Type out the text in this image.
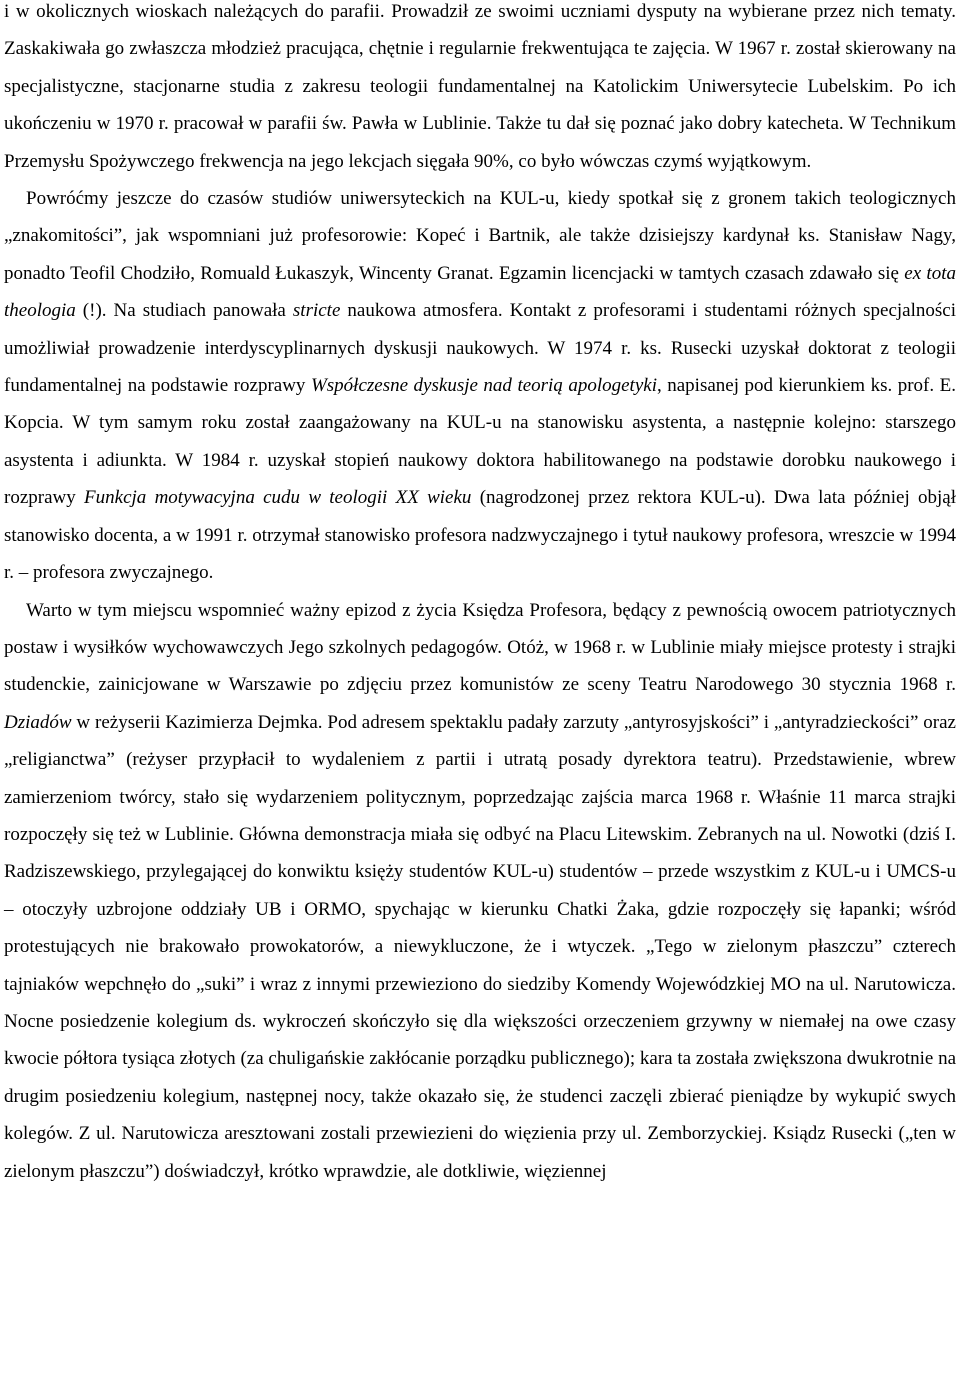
i w okolicznych wioskach należących do parafii. Prowadził ze swoimi uczniami dysputy na wybierane przez nich tematy. Zaskakiwała go zwłaszcza młodzież pracująca, chętnie i regularnie frekwentująca te zajęcia. W 1967 r. został skierowany na specjalistyczne, stacjonarne studia z zakresu teologii fundamentalnej na Katolickim Uniwersytecie Lubelskim. Po ich ukończeniu w 1970 r. pracował w parafii św. Pawła w Lublinie. Także tu dał się poznać jako dobry katecheta. W Technikum Przemysłu Spożywczego frekwencja na jego lekcjach sięgała 90%, co było wówczas czymś wyjątkowym.

Powróćmy jeszcze do czasów studiów uniwersyteckich na KUL-u, kiedy spotkał się z gronem takich teologicznych „znakomitości”, jak wspomniani już profesorowie: Kopeć i Bartnik, ale także dzisiejszy kardynał ks. Stanisław Nagy, ponadto Teofil Chodziło, Romuald Łukaszyk, Wincenty Granat. Egzamin licencjacki w tamtych czasach zdawało się ex tota theologia (!). Na studiach panowała stricte naukowa atmosfera. Kontakt z profesorami i studentami różnych specjalności umożliwiał prowadzenie interdyscyplinarnych dyskusji naukowych. W 1974 r. ks. Rusecki uzyskał doktorat z teologii fundamentalnej na podstawie rozprawy Współczesne dyskusje nad teorią apologetyki, napisanej pod kierunkiem ks. prof. E. Kopcia. W tym samym roku został zaangażowany na KUL-u na stanowisku asystenta, a następnie kolejno: starszego asystenta i adiunkta. W 1984 r. uzyskał stopień naukowy doktora habilitowanego na podstawie dorobku naukowego i rozprawy Funkcja motywacyjna cudu w teologii XX wieku (nagrodzonej przez rektora KUL-u). Dwa lata później objął stanowisko docenta, a w 1991 r. otrzymał stanowisko profesora nadzwyczajnego i tytuł naukowy profesora, wreszcie w 1994 r. – profesora zwyczajnego.

Warto w tym miejscu wspomnieć ważny epizod z życia Księdza Profesora, będący z pewnością owocem patriotycznych postaw i wysiłków wychowawczych Jego szkolnych pedagogów. Otóż, w 1968 r. w Lublinie miały miejsce protesty i strajki studenckie, zainicjowane w Warszawie po zdjęciu przez komunistów ze sceny Teatru Narodowego 30 stycznia 1968 r. Dziadów w reżyserii Kazimierza Dejmka. Pod adresem spektaklu padały zarzuty „antyrosyjskości” i „antyradzieckości” oraz „religianctwa” (reżyser przypłacił to wydaleniem z partii i utratą posady dyrektora teatru). Przedstawienie, wbrew zamierzeniom twórcy, stało się wydarzeniem politycznym, poprzedzając zajścia marca 1968 r. Właśnie 11 marca strajki rozpoczęły się też w Lublinie. Główna demonstracja miała się odbyć na Placu Litewskim. Zebranych na ul. Nowotki (dziś I. Radziszewskiego, przylegającej do konwiktu księży studentów KUL-u) studentów – przede wszystkim z KUL-u i UMCS-u – otoczyły uzbrojone oddziały UB i ORMO, spychając w kierunku Chatki Żaka, gdzie rozpoczęły się łapanki; wśród protestujących nie brakowało prowokatorów, a niewykluczone, że i wtyczek. „Tego w zielonym płaszczu” czterech tajniaków wepchnęło do „suki” i wraz z innymi przewieziono do siedziby Komendy Wojewódzkiej MO na ul. Narutowicza. Nocne posiedzenie kolegium ds. wykroczeń skończyło się dla większości orzeczeniem grzywny w niemałej na owe czasy kwocie półtora tysiąca złotych (za chuligańskie zakłócanie porządku publicznego); kara ta została zwiększona dwukrotnie na drugim posiedzeniu kolegium, następnej nocy, także okazało się, że studenci zaczęli zbierać pieniądze by wykupić swych kolegów. Z ul. Narutowicza aresztowani zostali przewiezieni do więzienia przy ul. Zemborzyckiej. Ksiądz Rusecki („ten w zielonym płaszczu”) doświadczył, krótko wprawdzie, ale dotkliwie, więziennej
